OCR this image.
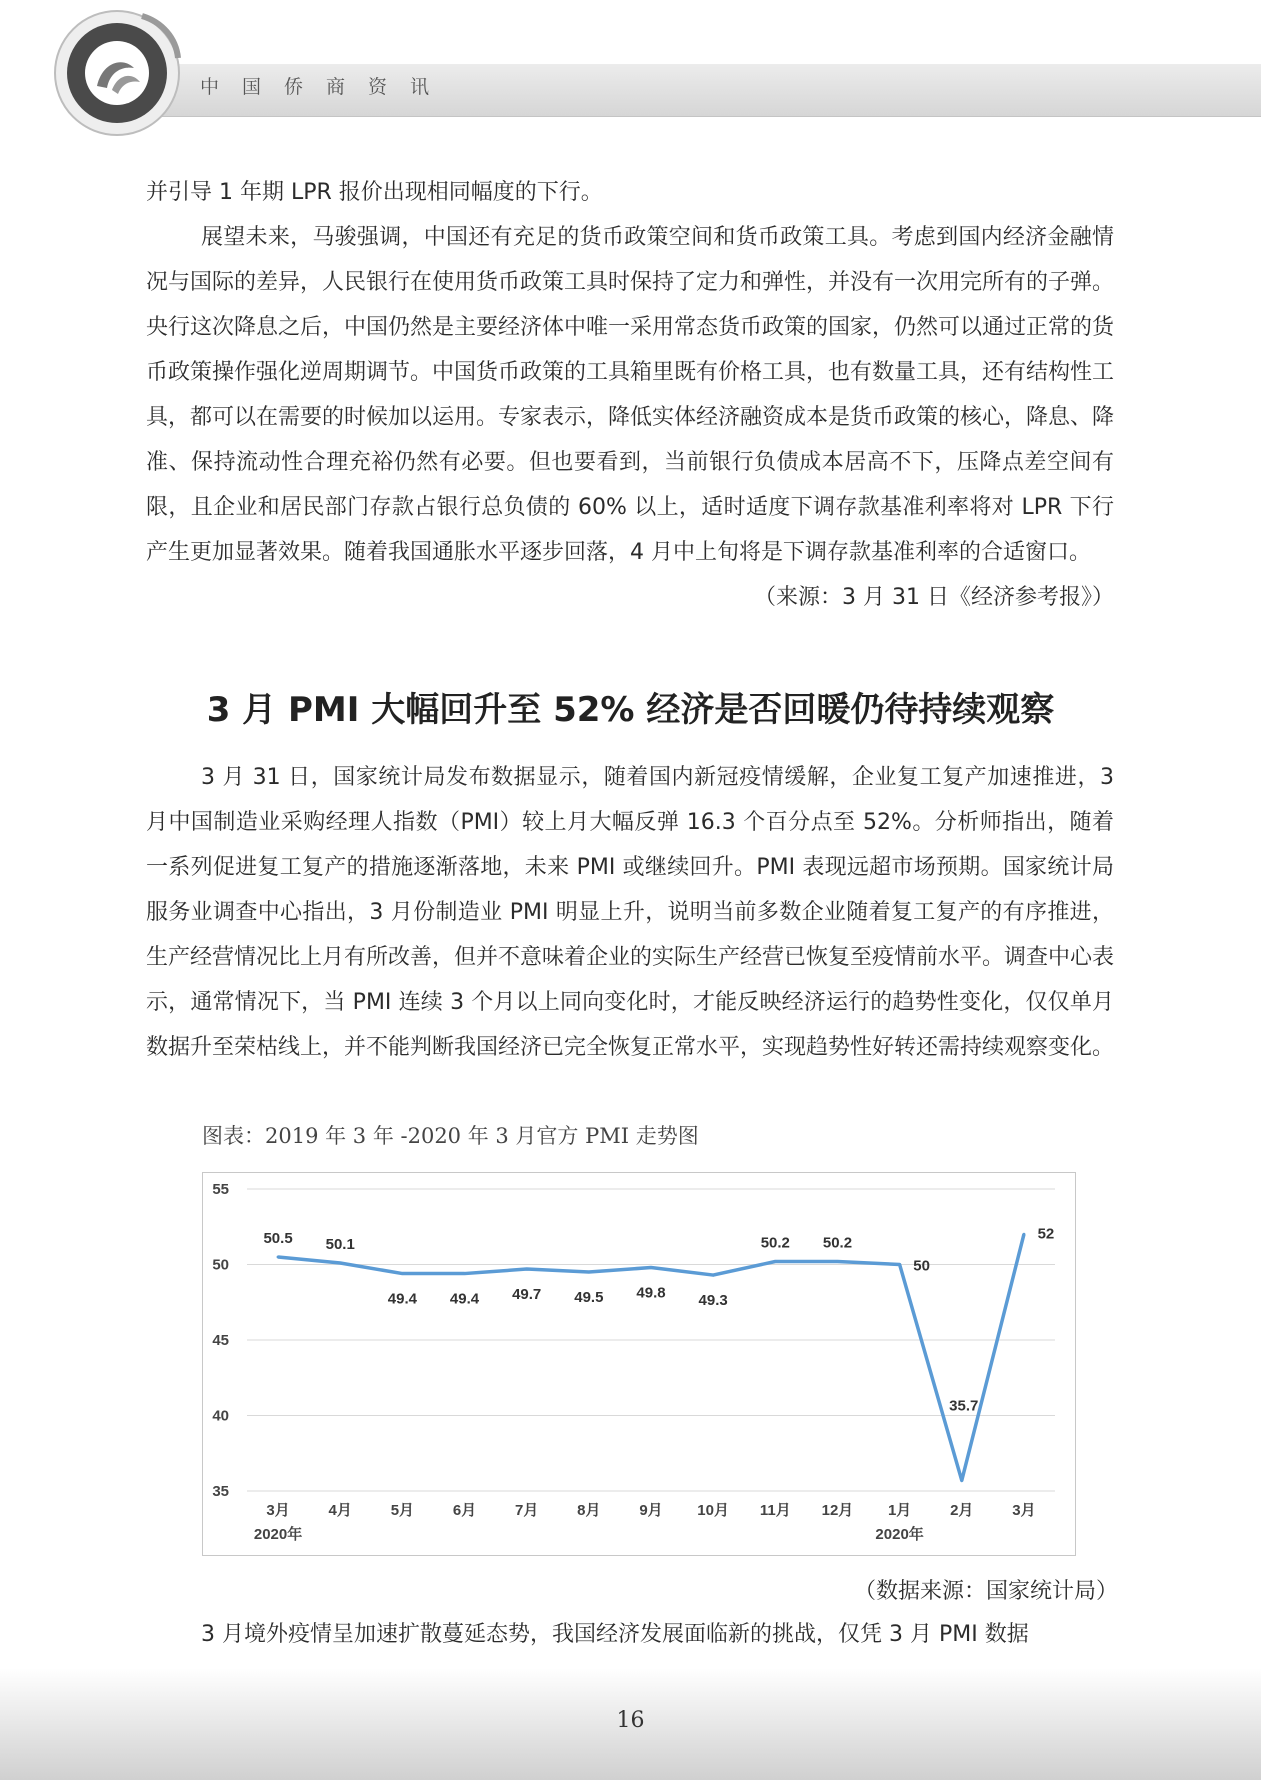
中国侨商资讯

并引导 1 年期 LPR 报价出现相同幅度的下行。

展望未来，马骏强调，中国还有充足的货币政策空间和货币政策工具。考虑到国内经济金融情况与国际的差异，人民银行在使用货币政策工具时保持了定力和弹性，并没有一次用完所有的子弹。央行这次降息之后，中国仍然是主要经济体中唯一采用常态货币政策的国家，仍然可以通过正常的货币政策操作强化逆周期调节。中国货币政策的工具箱里既有价格工具，也有数量工具，还有结构性工具，都可以在需要的时候加以运用。专家表示，降低实体经济融资成本是货币政策的核心，降息、降准、保持流动性合理充裕仍然有必要。但也要看到，当前银行负债成本居高不下，压降点差空间有限，且企业和居民部门存款占银行总负债的 60% 以上，适时适度下调存款基准利率将对 LPR 下行产生更加显著效果。随着我国通胀水平逐步回落，4 月中上旬将是下调存款基准利率的合适窗口。
（来源：3 月 31 日《经济参考报》）

3 月 PMI 大幅回升至 52% 经济是否回暖仍待持续观察

3 月 31 日，国家统计局发布数据显示，随着国内新冠疫情缓解，企业复工复产加速推进，3 月中国制造业采购经理人指数（PMI）较上月大幅反弹 16.3 个百分点至 52%。分析师指出，随着一系列促进复工复产的措施逐渐落地，未来 PMI 或继续回升。PMI 表现远超市场预期。国家统计局服务业调查中心指出，3 月份制造业 PMI 明显上升，说明当前多数企业随着复工复产的有序推进，生产经营情况比上月有所改善，但并不意味着企业的实际生产经营已恢复至疫情前水平。调查中心表示，通常情况下，当 PMI 连续 3 个月以上同向变化时，才能反映经济运行的趋势性变化，仅仅单月数据升至荣枯线上，并不能判断我国经济已完全恢复正常水平，实现趋势性好转还需持续观察变化。

图表：2019 年 3 年 -2020 年 3 月官方 PMI 走势图
55
50
45
40
35
3月
2020年
4月	5月	6月	7月	8月	9月 10月 11月 12月 1月
2020年
2月	3月
50.5 50.1
49.4 49.4 49.7 49.5 49.8 49.3
50.2 50.2
50
35.7
52
（数据来源：国家统计局）
3 月境外疫情呈加速扩散蔓延态势，我国经济发展面临新的挑战，仅凭 3 月 PMI 数据
16
